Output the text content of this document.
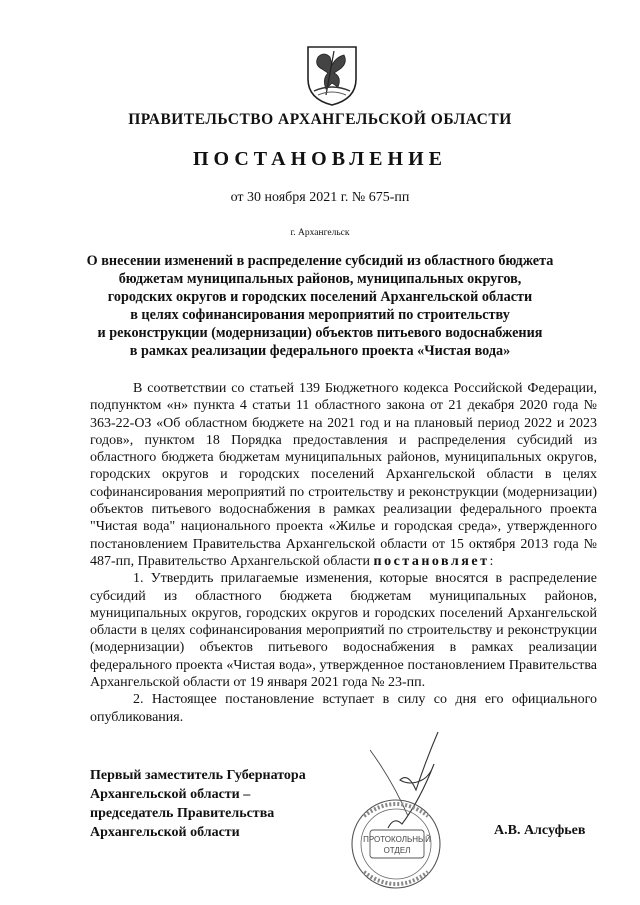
ПРАВИТЕЛЬСТВО АРХАНГЕЛЬСКОЙ ОБЛАСТИ
ПОСТАНОВЛЕНИЕ
от 30 ноября 2021 г. № 675-пп
г. Архангельск
О внесении изменений в распределение субсидий из областного бюджета
бюджетам муниципальных районов, муниципальных округов,
городских округов и городских поселений Архангельской области
в целях софинансирования мероприятий по строительству
и реконструкции (модернизации) объектов питьевого водоснабжения
в рамках реализации федерального проекта «Чистая вода»

В соответствии со статьей 139 Бюджетного кодекса Российской Федерации, подпунктом «н» пункта 4 статьи 11 областного закона от 21 декабря 2020 года № 363-22-ОЗ «Об областном бюджете на 2021 год и на плановый период 2022 и 2023 годов», пунктом 18 Порядка предоставления и распределения субсидий из областного бюджета бюджетам муниципальных районов, муниципальных округов, городских округов и городских поселений Архангельской области в целях софинансирования мероприятий по строительству и реконструкции (модернизации) объектов питьевого водоснабжения в рамках реализации федерального проекта "Чистая вода" национального проекта «Жилье и городская среда», утвержденного постановлением Правительства Архангельской области от 15 октября 2013 года № 487-пп, Правительство Архангельской области постановляет:

1. Утвердить прилагаемые изменения, которые вносятся в распределение субсидий из областного бюджета бюджетам муниципальных районов, муниципальных округов, городских округов и городских поселений Архангельской области в целях софинансирования мероприятий по строительству и реконструкции (модернизации) объектов питьевого водоснабжения в рамках реализации федерального проекта «Чистая вода», утвержденное постановлением Правительства Архангельской области от 19 января 2021 года № 23-пп.

2. Настоящее постановление вступает в силу со дня его официального опубликования.

Первый заместитель Губернатора
Архангельской области –
председатель Правительства
Архангельской области	А.В. Алсуфьев
ПРОТОКОЛЬНЫЙ
ОТДЕЛ
